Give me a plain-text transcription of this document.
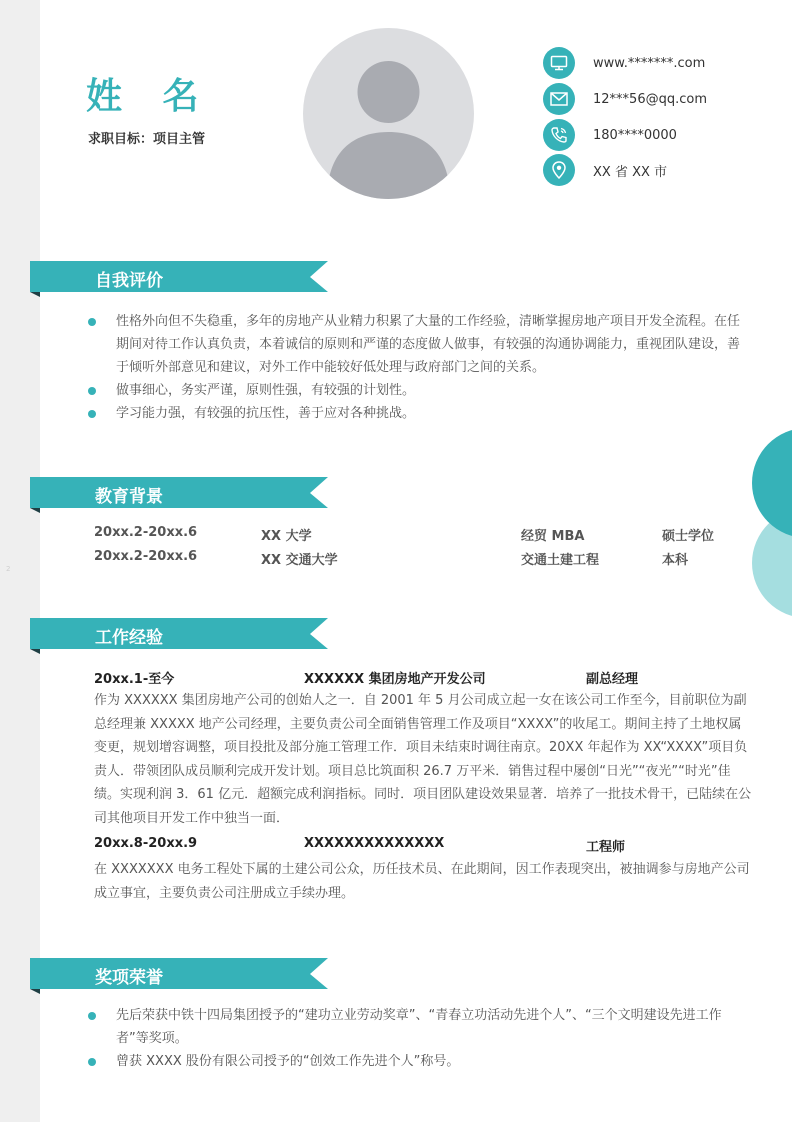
2
姓 名
求职目标：项目主管
www.*******.com
12***56@qq.com
180****0000
XX 省 XX 市
自我评价
性格外向但不失稳重，多年的房地产从业精力积累了大量的工作经验，清晰掌握房地产项目开发全流程。在任期间对待工作认真负责，本着诚信的原则和严谨的态度做人做事，有较强的沟通协调能力，重视团队建设，善于倾听外部意见和建议，对外工作中能较好低处理与政府部门之间的关系。
做事细心，务实严谨，原则性强，有较强的计划性。
学习能力强，有较强的抗压性，善于应对各种挑战。
教育背景
20xx.2-20xx.6	XX 大学	经贸 MBA	硕士学位
20xx.2-20xx.6	XX 交通大学	交通土建工程	本科
工作经验
20xx.1-至今	XXXXXX 集团房地产开发公司	副总经理
作为 XXXXXX 集团房地产公司的创始人之一．自 2001 年 5 月公司成立起一女在该公司工作至今，目前职位为副总经理兼 XXXXX 地产公司经理，主要负责公司全面销售管理工作及项目“XXXX”的收尾工。期间主持了土地权属变更，规划增容调整，项目投批及部分施工管理工作．项目未结束时调往南京。20XX 年起作为 XX“XXXX”项目负责人．带领团队成员顺利完成开发计划。项目总比筑面积 26.7 万平米．销售过程中屡创“日光”“夜光”“时光”佳绩。实现利润 3．61 亿元．超额完成利润指标。同时．项目团队建设效果显著．培养了一批技术骨干，已陆续在公司其他项目开发工作中独当一面．
20xx.8-20xx.9	XXXXXXXXXXXXXX	工程师
在 XXXXXXX 电务工程处下属的土建公司公众，历任技术员、在此期间，因工作表现突出，被抽调参与房地产公司成立事宜，主要负责公司注册成立手续办理。
奖项荣誉
先后荣获中铁十四局集团授予的“建功立业劳动奖章”、“青春立功活动先进个人”、“三个文明建设先进工作者”等奖项。
曾获 XXXX 股份有限公司授予的“创效工作先进个人”称号。
